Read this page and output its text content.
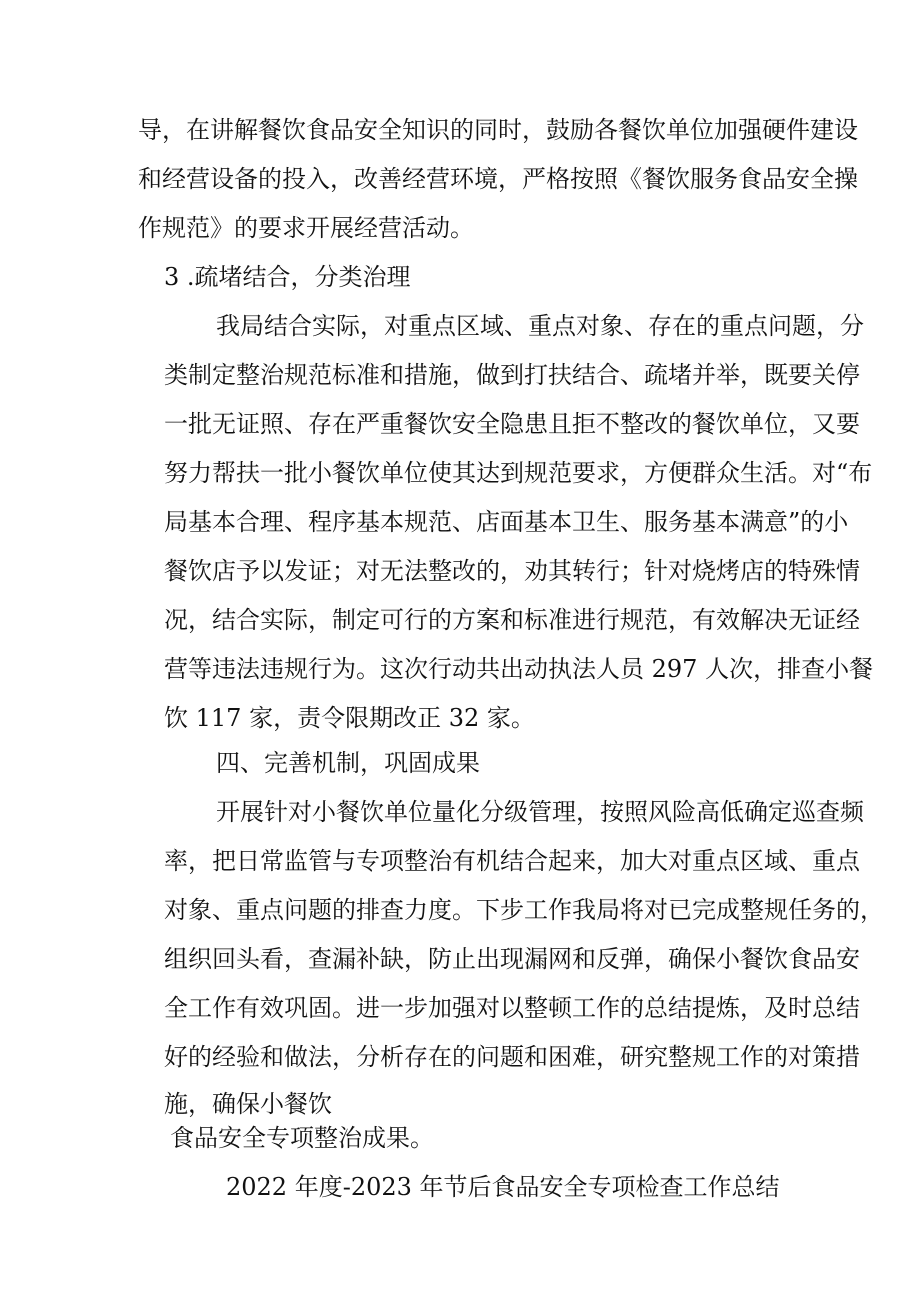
导，在讲解餐饮食品安全知识的同时，鼓励各餐饮单位加强硬件建设
和经营设备的投入，改善经营环境，严格按照《餐饮服务食品安全操
作规范》的要求开展经营活动。
3 .疏堵结合，分类治理
我局结合实际，对重点区域、重点对象、存在的重点问题，分
类制定整治规范标准和措施，做到打扶结合、疏堵并举，既要关停
一批无证照、存在严重餐饮安全隐患且拒不整改的餐饮单位，又要
努力帮扶一批小餐饮单位使其达到规范要求，方便群众生活。对“布
局基本合理、程序基本规范、店面基本卫生、服务基本满意”的小
餐饮店予以发证；对无法整改的，劝其转行；针对烧烤店的特殊情
况，结合实际，制定可行的方案和标准进行规范，有效解决无证经
营等违法违规行为。这次行动共出动执法人员 297 人次，排查小餐
饮 117 家，责令限期改正 32 家。
四、完善机制，巩固成果
开展针对小餐饮单位量化分级管理，按照风险高低确定巡查频
率，把日常监管与专项整治有机结合起来，加大对重点区域、重点
对象、重点问题的排查力度。下步工作我局将对已完成整规任务的，
组织回头看，查漏补缺，防止出现漏网和反弹，确保小餐饮食品安
全工作有效巩固。进一步加强对以整顿工作的总结提炼，及时总结
好的经验和做法，分析存在的问题和困难，研究整规工作的对策措
施，确保小餐饮
食品安全专项整治成果。
2022 年度-2023 年节后食品安全专项检查工作总结
